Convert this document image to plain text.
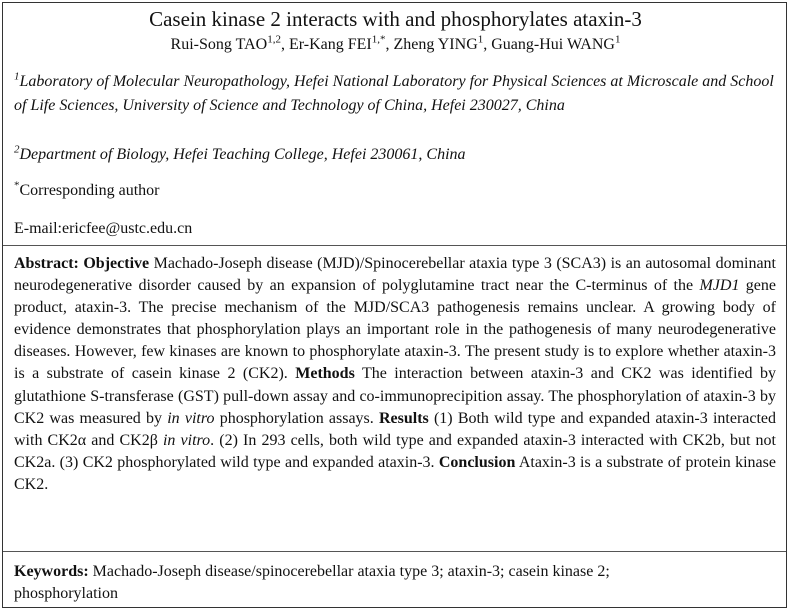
Casein kinase 2 interacts with and phosphorylates ataxin-3
Rui-Song TAO$^{1,2}$, Er-Kang $FEI^{1,*}$, Zheng YING$^1$, Guang-Hui WANG$^1$
$^1$Laboratory of Molecular Neuropathology, Hefei National Laboratory for Physical Sciences at Microscale and School of Life Sciences, University of Science and Technology of China, Hefei 230027, China
$^2$Department of Biology, Hefei Teaching College, Hefei 230061, China
*Corresponding author
E-mail:ericfee@ustc.edu.cn
Abstract: Objective Machado-Joseph disease (MJD)/Spinocerebellar ataxia type 3 (SCA3) is an autosomal dominant neurodegenerative disorder caused by an expansion of polyglutamine tract near the C-terminus of the MJD1 gene product, ataxin-3. The precise mechanism of the MJD/SCA3 pathogenesis remains unclear. A growing body of evidence demonstrates that phosphorylation plays an important role in the pathogenesis of many neurodegenerative diseases. However, few kinases are known to phosphorylate ataxin-3. The present study is to explore whether ataxin-3 is a substrate of casein kinase 2 (CK2). Methods The interaction between ataxin-3 and CK2 was identified by glutathione S-transferase (GST) pull-down assay and co-immunoprecipition assay. The phosphorylation of ataxin-3 by CK2 was measured by in vitro phosphorylation assays. Results (1) Both wild type and expanded ataxin-3 interacted with CK2α and CK2β in vitro. (2) In 293 cells, both wild type and expanded ataxin-3 interacted with CK2b, but not CK2a. (3) CK2 phosphorylated wild type and expanded ataxin-3. Conclusion Ataxin-3 is a substrate of protein kinase CK2.
Keywords: Machado-Joseph disease/spinocerebellar ataxia type 3; ataxin-3; casein kinase 2; phosphorylation
